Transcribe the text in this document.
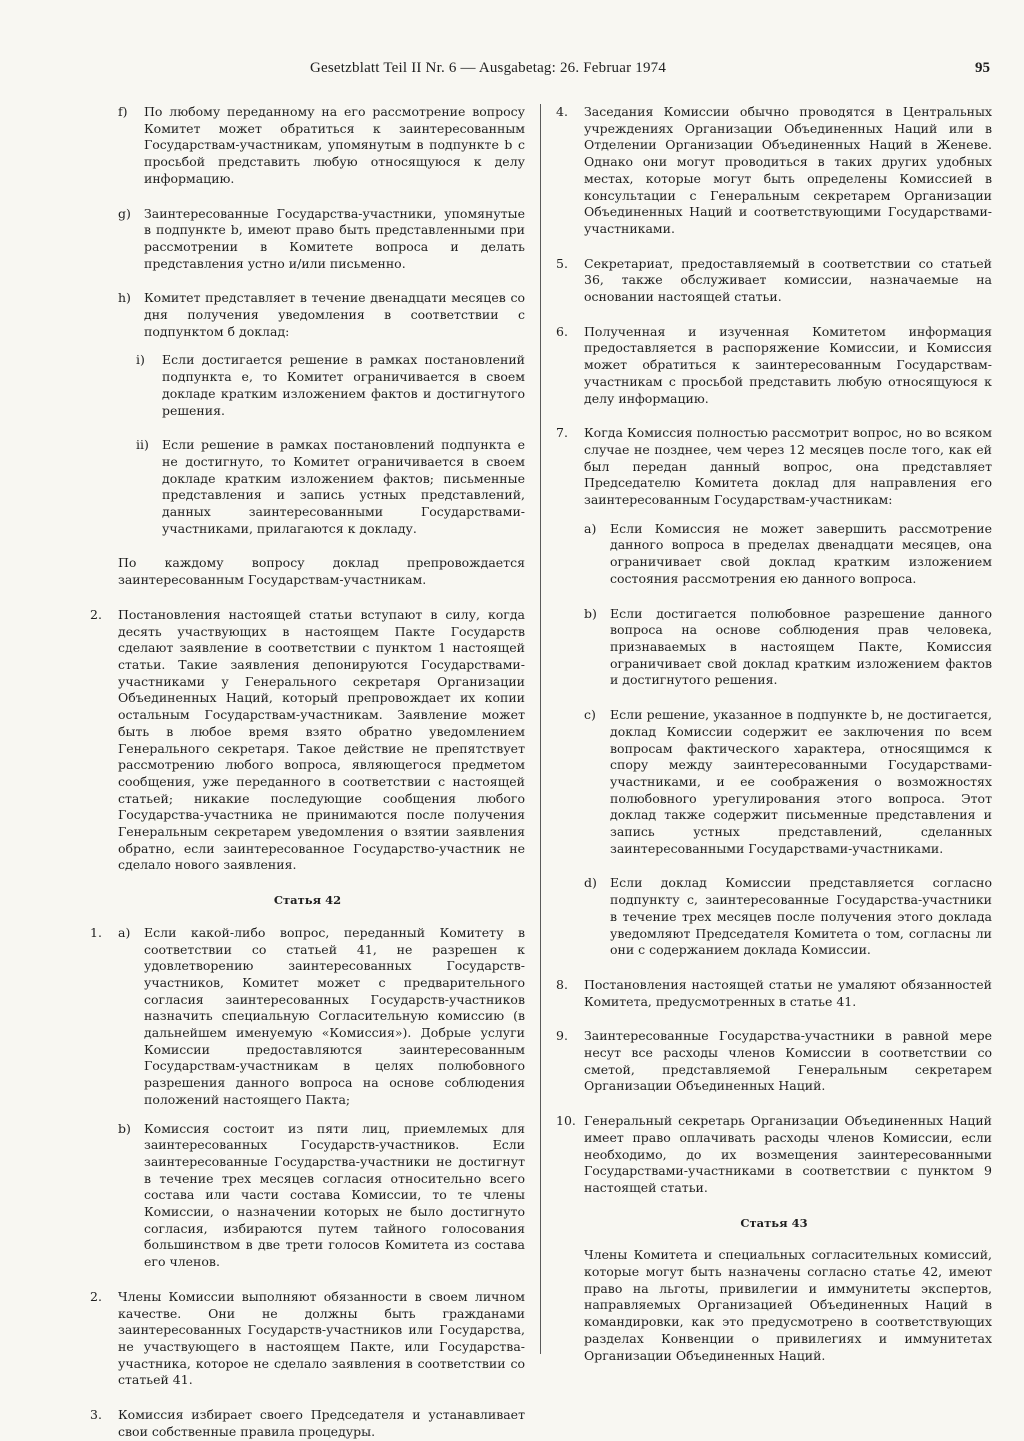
Gesetzblatt Teil II Nr. 6 — Ausgabetag: 26. Februar 1974	95
f)	По любому переданному на его рассмотрение вопросу Комитет может обратиться к заинтересованным Государствам-участникам, упомянутым в подпункте b с просьбой представить любую относящуюся к делу информацию.
g)	Заинтересованные Государства-участники, упомянутые в подпункте b, имеют право быть представленными при рассмотрении в Комитете вопроса и делать представления устно и/или письменно.
h)	Комитет представляет в течение двенадцати месяцев со дня получения уведомления в соответствии с подпунктом б доклад:
i)	Если достигается решение в рамках постановлений подпункта e, то Комитет ограничивается в своем докладе кратким изложением фактов и достигнутого решения.
ii)	Если решение в рамках постановлений подпункта e не достигнуто, то Комитет ограничивается в своем докладе кратким изложением фактов; письменные представления и запись устных представлений, данных заинтересованными Государствами-участниками, прилагаются к докладу.
По каждому вопросу доклад препровождается заинтересованным Государствам-участникам.
2.	Постановления настоящей статьи вступают в силу, когда десять участвующих в настоящем Пакте Государств сделают заявление в соответствии с пунктом 1 настоящей статьи. Такие заявления депонируются Государствами-участниками у Генерального секретаря Организации Объединенных Наций, который препровождает их копии остальным Государствам-участникам. Заявление может быть в любое время взято обратно уведомлением Генерального секретаря. Такое действие не препятствует рассмотрению любого вопроса, являющегося предметом сообщения, уже переданного в соответствии с настоящей статьей; никакие последующие сообщения любого Государства-участника не принимаются после получения Генеральным секретарем уведомления о взятии заявления обратно, если заинтересованное Государство-участник не сделало нового заявления.
Статья 42
1. a)	Если какой-либо вопрос, переданный Комитету в соответствии со статьей 41, не разрешен к удовлетворению заинтересованных Государств-участников, Комитет может с предварительного согласия заинтересованных Государств-участников назначить специальную Согласительную комиссию (в дальнейшем именуемую «Комиссия»). Добрые услуги Комиссии предоставляются заинтересованным Государствам-участникам в целях полюбовного разрешения данного вопроса на основе соблюдения положений настоящего Пакта;
b)	Комиссия состоит из пяти лиц, приемлемых для заинтересованных Государств-участников. Если заинтересованные Государства-участники не достигнут в течение трех месяцев согласия относительно всего состава или части состава Комиссии, то те члены Комиссии, о назначении которых не было достигнуто согласия, избираются путем тайного голосования большинством в две трети голосов Комитета из состава его членов.
2.	Члены Комиссии выполняют обязанности в своем личном качестве. Они не должны быть гражданами заинтересованных Государств-участников или Государства, не участвующего в настоящем Пакте, или Государства-участника, которое не сделало заявления в соответствии со статьей 41.
3.	Комиссия избирает своего Председателя и устанавливает свои собственные правила процедуры.
4.	Заседания Комиссии обычно проводятся в Центральных учреждениях Организации Объединенных Наций или в Отделении Организации Объединенных Наций в Женеве. Однако они могут проводиться в таких других удобных местах, которые могут быть определены Комиссией в консультации с Генеральным секретарем Организации Объединенных Наций и соответствующими Государствами-участниками.
5.	Секретариат, предоставляемый в соответствии со статьей 36, также обслуживает комиссии, назначаемые на основании настоящей статьи.
6.	Полученная и изученная Комитетом информация предоставляется в распоряжение Комиссии, и Комиссия может обратиться к заинтересованным Государствам-участникам с просьбой представить любую относящуюся к делу информацию.
7.	Когда Комиссия полностью рассмотрит вопрос, но во всяком случае не позднее, чем через 12 месяцев после того, как ей был передан данный вопрос, она представляет Председателю Комитета доклад для направления его заинтересованным Государствам-участникам:
a)	Если Комиссия не может завершить рассмотрение данного вопроса в пределах двенадцати месяцев, она ограничивает свой доклад кратким изложением состояния рассмотрения ею данного вопроса.
b)	Если достигается полюбовное разрешение данного вопроса на основе соблюдения прав человека, признаваемых в настоящем Пакте, Комиссия ограничивает свой доклад кратким изложением фактов и достигнутого решения.
c)	Если решение, указанное в подпункте b, не достигается, доклад Комиссии содержит ее заключения по всем вопросам фактического характера, относящимся к спору между заинтересованными Государствами-участниками, и ее соображения о возможностях полюбовного урегулирования этого вопроса. Этот доклад также содержит письменные представления и запись устных представлений, сделанных заинтересованными Государствами-участниками.
d)	Если доклад Комиссии представляется согласно подпункту c, заинтересованные Государства-участники в течение трех месяцев после получения этого доклада уведомляют Председателя Комитета о том, согласны ли они с содержанием доклада Комиссии.
8.	Постановления настоящей статьи не умаляют обязанностей Комитета, предусмотренных в статье 41.
9.	Заинтересованные Государства-участники в равной мере несут все расходы членов Комиссии в соответствии со сметой, представляемой Генеральным секретарем Организации Объединенных Наций.
10. Генеральный секретарь Организации Объединенных Наций имеет право оплачивать расходы членов Комиссии, если необходимо, до их возмещения заинтересованными Государствами-участниками в соответствии с пунктом 9 настоящей статьи.
Статья 43
Члены Комитета и специальных согласительных комиссий, которые могут быть назначены согласно статье 42, имеют право на льготы, привилегии и иммунитеты экспертов, направляемых Организацией Объединенных Наций в командировки, как это предусмотрено в соответствующих разделах Конвенции о привилегиях и иммунитетах Организации Объединенных Наций.
